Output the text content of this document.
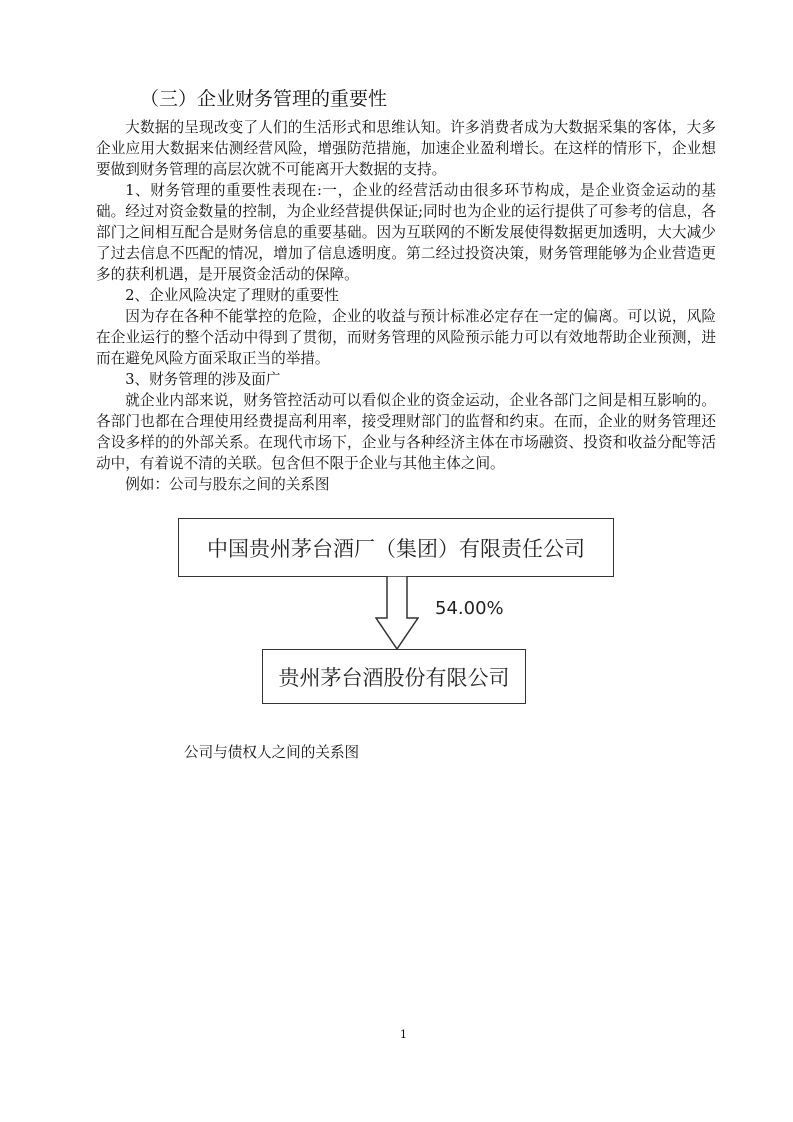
（三）企业财务管理的重要性

大数据的呈现改变了人们的生活形式和思维认知。许多消费者成为大数据采集的客体，大多企业应用大数据来估测经营风险，增强防范措施，加速企业盈利增长。在这样的情形下，企业想要做到财务管理的高层次就不可能离开大数据的支持。

1、财务管理的重要性表现在:一，企业的经营活动由很多环节构成，是企业资金运动的基础。经过对资金数量的控制，为企业经营提供保证;同时也为企业的运行提供了可参考的信息，各部门之间相互配合是财务信息的重要基础。因为互联网的不断发展使得数据更加透明，大大减少了过去信息不匹配的情况，增加了信息透明度。第二经过投资决策，财务管理能够为企业营造更多的获利机遇，是开展资金活动的保障。

2、企业风险决定了理财的重要性

因为存在各种不能掌控的危险，企业的收益与预计标准必定存在一定的偏离。可以说，风险在企业运行的整个活动中得到了贯彻，而财务管理的风险预示能力可以有效地帮助企业预测，进而在避免风险方面采取正当的举措。

3、财务管理的涉及面广

就企业内部来说，财务管控活动可以看似企业的资金运动，企业各部门之间是相互影响的。各部门也都在合理使用经费提高利用率，接受理财部门的监督和约束。在而，企业的财务管理还含设多样的的外部关系。在现代市场下，企业与各种经济主体在市场融资、投资和收益分配等活动中，有着说不清的关联。包含但不限于企业与其他主体之间。

例如：公司与股东之间的关系图

中国贵州茅台酒厂（集团）有限责任公司
54.00%
贵州茅台酒股份有限公司
公司与债权人之间的关系图
1
